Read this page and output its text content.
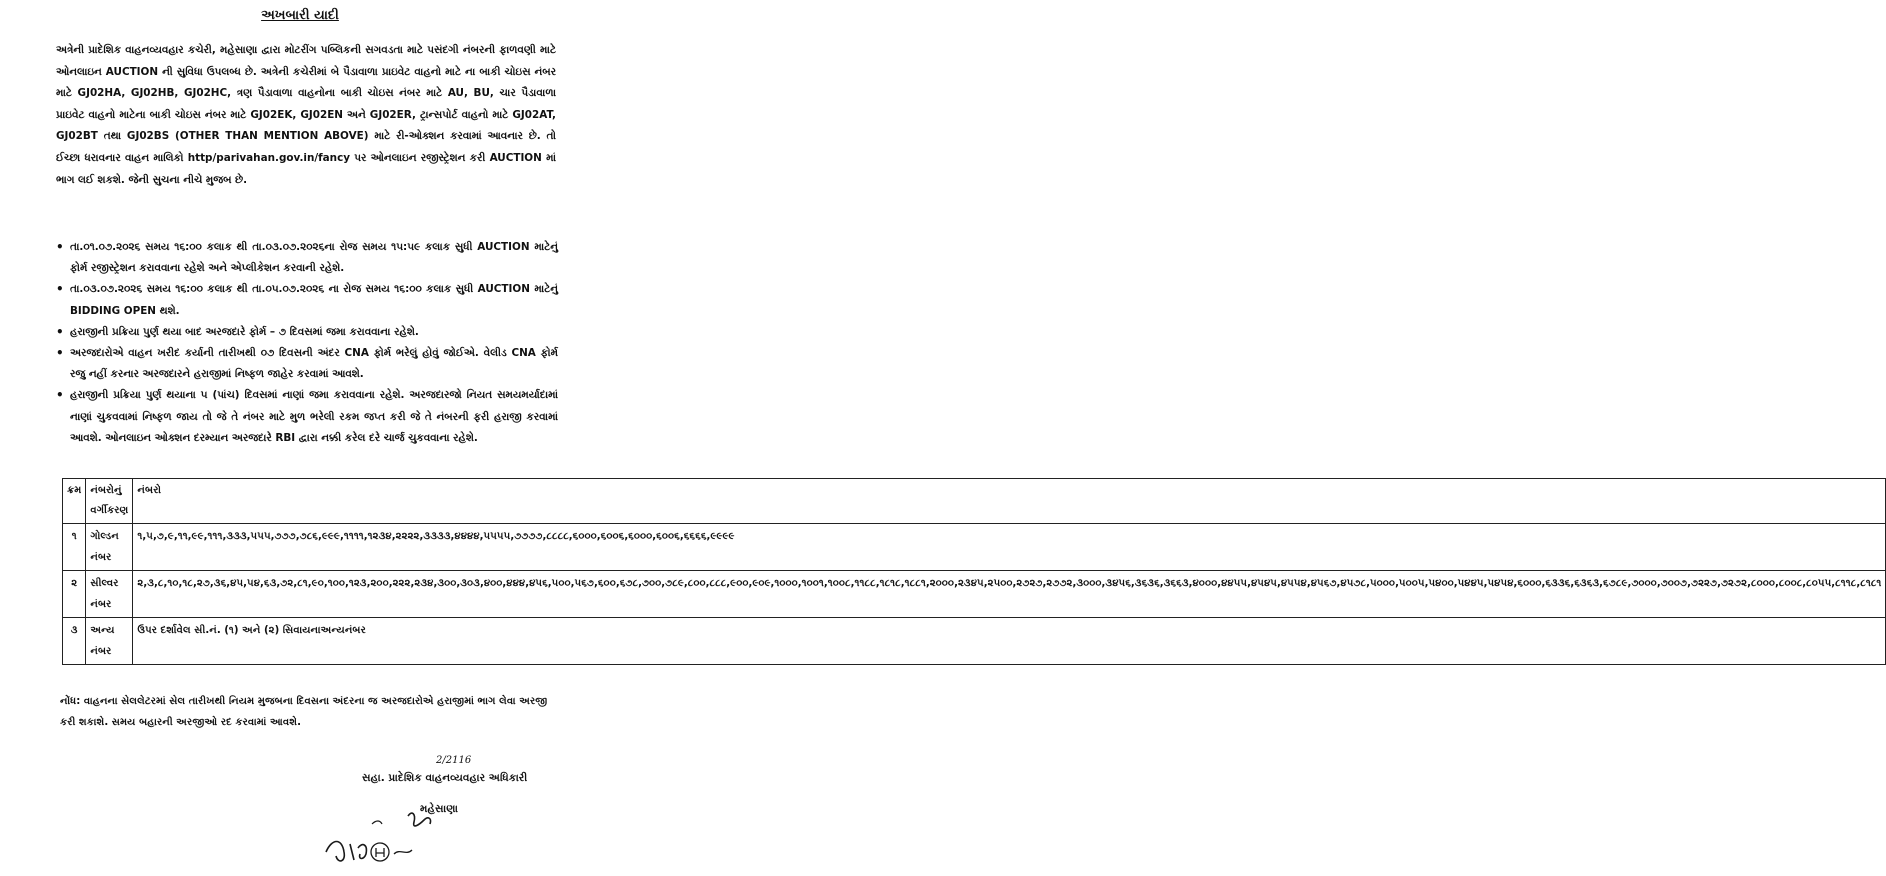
અખબારી યાદી

અત્રેની પ્રાદેશિક વાહનવ્યવહાર કચેરી, મહેસાણા દ્વારા મોટરીંગ પબ્લિકની સગવડતા માટે પસંદગી નંબરની ફાળવણી માટે ઓનલાઇન AUCTION ની સુવિધા ઉપલબ્ધ છે. અત્રેની કચેરીમાં બે પૈડાવાળા પ્રાઇવેટ વાહનો માટે ના બાકી ચોઇસ નંબર માટે GJ02HA, GJ02HB, GJ02HC, ત્રણ પૈડાવાળા વાહનોના બાકી ચોઇસ નંબર માટે AU, BU, ચાર પૈડાવાળા પ્રાઇવેટ વાહનો માટેના બાકી ચોઇસ નંબર માટે GJ02EK, GJ02EN અને GJ02ER, ટ્રાન્સપોર્ટ વાહનો માટે GJ02AT, GJ02BT તથા GJ02BS (OTHER THAN MENTION ABOVE) માટે રી-ઓક્શન કરવામાં આવનાર છે. તો ઈચ્છા ધરાવનાર વાહન માલિકો http/parivahan.gov.in/fancy પર ઓનલાઇન રજીસ્ટ્રેશન કરી AUCTION માં ભાગ લઈ શકશે. જેની સુચના નીચે મુજબ છે.

• તા.૦૧.૦૭.૨૦૨૬ સમય ૧૬:૦૦ કલાક થી તા.૦૩.૦૭.૨૦૨૬ના રોજ સમય ૧૫:૫૯ કલાક સુધી AUCTION માટેનું ફોર્મ રજીસ્ટ્રેશન કરાવવાના રહેશે અને એપ્લીકેશન કરવાની રહેશે.
• તા.૦૩.૦૭.૨૦૨૬ સમય ૧૬:૦૦ કલાક થી તા.૦૫.૦૭.૨૦૨૬ ના રોજ સમય ૧૬:૦૦ કલાક સુધી AUCTION માટેનું BIDDING OPEN થશે.
• હરાજીની પ્રક્રિયા પુર્ણ થયા બાદ અરજદારે ફોર્મ – ૭ દિવસમાં જમા કરાવવાના રહેશે.
• અરજદારોએ વાહન ખરીદ કર્યાની તારીખથી ૦૭ દિવસની અંદર CNA ફોર્મ ભરેલું હોવું જોઈએ. વેલીડ CNA ફોર્મ રજુ નહીં કરનાર અરજદારને હરાજીમાં નિષ્ફળ જાહેર કરવામાં આવશે.
• હરાજીની પ્રક્રિયા પુર્ણ થયાના ૫ (પાંચ) દિવસમાં નાણાં જમા કરાવવાના રહેશે. અરજદારજો નિયત સમયમર્યાદામાં નાણાં ચુકવવામાં નિષ્ફળ જાય તો જે તે નંબર માટે મુળ ભરેલી રકમ જપ્ત કરી જે તે નંબરની ફરી હરાજી કરવામાં આવશે. ઓનલાઇન ઓક્શન દરમ્યાન અરજદારે RBI દ્વારા નક્કી કરેલ દરે ચાર્જ ચુકવવાના રહેશે.
ક્રમ	નંબરોનું વર્ગીકરણ	નંબરો
૧	ગોલ્ડન નંબર	૧,૫,૭,૯,૧૧,૯૯,૧૧૧,૩૩૩,૫૫૫,૭૭૭,૭૮૬,૯૯૯,૧૧૧૧,૧૨૩૪,૨૨૨૨,૩૩૩૩,૪૪૪૪,૫૫૫૫,૭૭૭૭,૮૮૮૮,૬૦૦૦,૬૦૦૬,૬૦૦૦,૬૦૦૬,૬૬૬૬,૯૯૯૯
૨	સીલ્વર નંબર	૨,૩,૮,૧૦,૧૮,૨૭,૩૬,૪૫,૫૪,૬૩,૭૨,૮૧,૯૦,૧૦૦,૧૨૩,૨૦૦,૨૨૨,૨૩૪,૩૦૦,૩૦૩,૪૦૦,૪૪૪,૪૫૬,૫૦૦,૫૬૭,૬૦૦,૬૭૮,૭૦૦,૭૮૯,૮૦૦,૮૮૮,૯૦૦,૯૦૯,૧૦૦૦,૧૦૦૧,૧૦૦૮,૧૧૮૮,૧૮૧૮,૧૮૮૧,૨૦૦૦,૨૩૪૫,૨૫૦૦,૨૭૨૭,૨૭૭૨,૩૦૦૦,૩૪૫૬,૩૬૩૬,૩૬૬૩,૪૦૦૦,૪૪૫૫,૪૫૪૫,૪૫૫૪,૪૫૬૭,૪૫૭૮,૫૦૦૦,૫૦૦૫,૫૪૦૦,૫૪૪૫,૫૪૫૪,૬૦૦૦,૬૩૩૬,૬૩૬૩,૬૭૮૯,૭૦૦૦,૭૦૦૭,૭૨૨૭,૭૨૭૨,૮૦૦૦,૮૦૦૮,૮૦૫૫,૮૧૧૮,૮૧૮૧
૩	અન્ય નંબર	ઉપર દર્શાવેલ સી.નં. (૧) અને (૨) સિવાયનાઅન્યનંબર
નોંધ: વાહનના સેલલેટરમાં સેલ તારીખથી નિયમ મુજબના દિવસના અંદરના જ અરજદારોએ હરાજીમાં ભાગ લેવા અરજી કરી શકાશે. સમય બહારની અરજીઓ રદ કરવામાં આવશે.
2/2116
સહા. પ્રાદેશિક વાહનવ્યવહાર અધિકારી
મહેસાણા
